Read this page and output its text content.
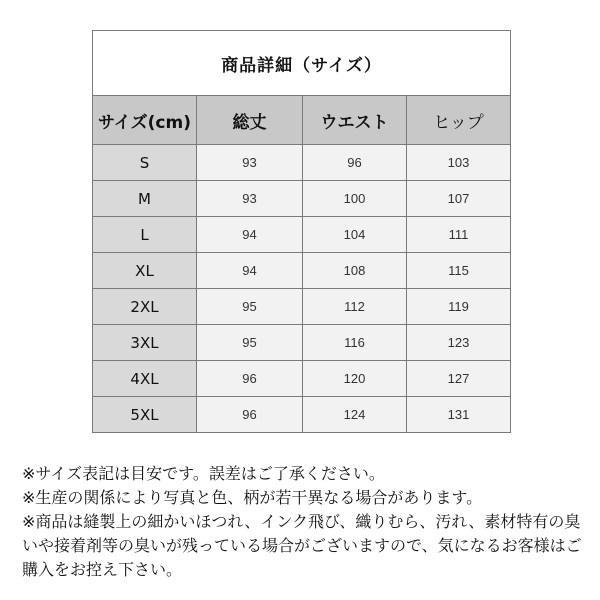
商品詳細（サイズ）			
サイズ(cm)	総丈	ウエスト	ヒップ
S	93	96	103
M	93	100	107
L	94	104	111
XL	94	108	115
2XL	95	112	119
3XL	95	116	123
4XL	96	120	127
5XL	96	124	131

※サイズ表記は目安です。誤差はご了承ください。

※生産の関係により写真と色、柄が若干異なる場合があります。

※商品は縫製上の細かいほつれ、インク飛び、織りむら、汚れ、素材特有の臭いや接着剤等の臭いが残っている場合がございますので、気になるお客様はご購入をお控え下さい。
